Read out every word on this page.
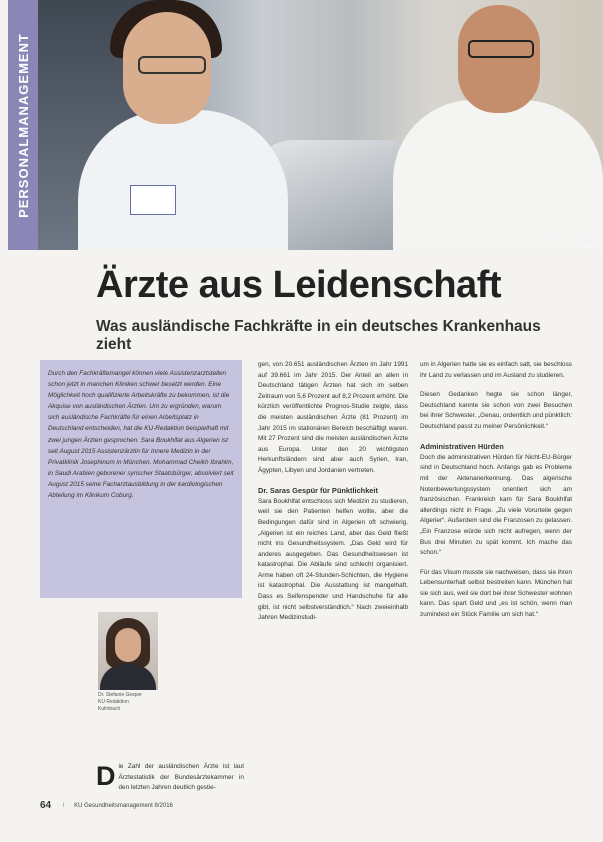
PERSONALMANAGEMENT
Foto: Klinikum Coburg
Ärzte aus Leidenschaft
Was ausländische Fachkräfte in ein deutsches Krankenhaus zieht

Durch den Fachkräftemangel können viele Assistenzarztstellen schon jetzt in manchen Kliniken schwer besetzt werden. Eine Möglichkeit hoch qualifizierte Arbeitskräfte zu bekommen, ist die Akquise von ausländischen Ärzten. Um zu ergründen, warum sich ausländische Fachkräfte für einen Arbeitsplatz in Deutschland entscheiden, hat die KU-Redaktion beispielhaft mit zwei jungen Ärzten gesprochen. Sara Boukhlfat aus Algerien ist seit August 2015 Assistenzärztin für Innere Medizin in der Privatklinik Josephinum in München. Mohammad Cheikh Ibrahim, in Saudi Arabien geborener syrischer Staatsbürger, absolviert seit August 2015 seine Facharztausbildung in der kardiologischen Abteilung im Klinikum Coburg.

Dr. Stefanie Gesper
KU Redaktion
Kulmbach

Die Zahl der ausländischen Ärzte ist laut Ärztestatistik der Bundesärztekammer in den letzten Jahren deutlich gestie-

gen, von 20.651 ausländischen Ärzten im Jahr 1991 auf 39.661 im Jahr 2015. Der Anteil an allen in Deutschland tätigen Ärzten hat sich im selben Zeitraum von 5,6 Prozent auf 8,2 Prozent erhöht. Die kürzlich veröffentlichte Prognos-Studie zeigte, dass die meisten ausländischen Ärzte (81 Prozent) im Jahr 2015 im stationären Bereich beschäftigt waren. Mit 27 Prozent sind die meisten ausländischen Ärzte aus Europa. Unter den 20 wichtigsten Herkunftsländern sind aber auch Syrien, Iran, Ägypten, Libyen und Jordanien vertreten.

Dr. Saras Gespür für Pünktlichkeit

Sara Boukhlfat entschloss sich Medizin zu studieren, weil sie den Patienten helfen wollte, aber die Bedingungen dafür sind in Algerien oft schwierig. „Algerien ist ein reiches Land, aber das Geld fließt nicht ins Gesundheitssystem. „Das Geld wird für anderes ausgegeben. Das Gesundheitswesen ist katastrophal. Die Abläufe sind schlecht organisiert. Arme haben oft 24-Stunden-Schichten, die Hygiene ist katastrophal. Die Ausstattung ist mangelhaft. Dass es Seifenspender und Handschuhe für alle gibt, ist nicht selbstverständlich.“ Nach zweieinhalb Jahren Medizinstudi-

um in Algerien hatte sie es einfach satt, sie beschloss ihr Land zu verlassen und im Ausland zu studieren.

Diesen Gedanken hegte sie schon länger, Deutschland kannte sie schon von zwei Besuchen bei ihrer Schwester. „Genau, ordentlich und pünktlich: Deutschland passt zu meiner Persönlichkeit.“

Administrativen Hürden

Doch die administrativen Hürden für Nicht-EU-Bürger sind in Deutschland hoch. Anfangs gab es Probleme mit der Aktenanerkennung. Das algerische Notenbewertungssystem orientiert sich am französischen. Frankreich kam für Sara Boukhlfat allerdings nicht in Frage. „Zu viele Vorurteile gegen Algerier“. Außerdem sind die Franzosen zu gelassen. „Ein Franzose würde sich nicht aufregen, wenn der Bus drei Minuten zu spät kommt. Ich mache das schon.“

Für das Visum musste sie nachweisen, dass sie ihren Lebensunterhalt selbst bestreiten kann. München hat sie sich aus, weil sie dort bei ihrer Schwester wohnen kann. Das spart Geld und „es ist schön, wenn man zumindest ein Stück Familie um sich hat.“

64 I KU Gesundheitsmanagement 8/2016
